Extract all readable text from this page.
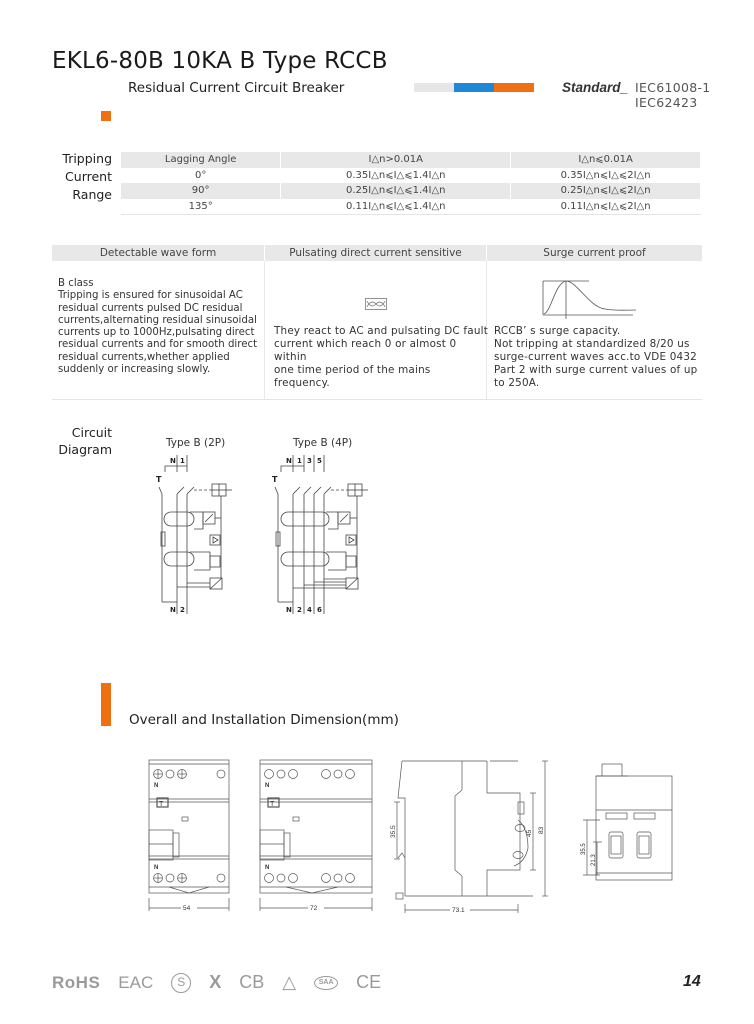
EKL6-80B 10KA B Type RCCB
Residual Current Circuit Breaker	Standard_ IEC61008-1
IEC62423
Tripping
Current
Range
Lagging Angle	I△n>0.01A	I△n⩽0.01A
0°	0.35I△n⩽I△⩽1.4I△n	0.35I△n⩽I△⩽2I△n
90°	0.25I△n⩽I△⩽1.4I△n	0.25I△n⩽I△⩽2I△n
135°	0.11I△n⩽I△⩽1.4I△n	0.11I△n⩽I△⩽2I△n
Detectable wave form	Pulsating direct current sensitive	Surge current proof
B class
Tripping is ensured for sinusoidal AC
residual currents pulsed DC residual
currents,alternating residual sinusoidal
currents up to 1000Hz,pulsating direct
residual currents and for smooth direct
residual currents,whether applied
suddenly or increasing slowly.
They react to AC and pulsating DC fault
current which reach 0 or almost 0 within
one time period of the mains frequency.
RCCB’ s surge capacity.
Not tripping at standardized 8/20 us
surge-current waves acc.to VDE 0432
Part 2 with surge current values of up
to 250A.
Circuit
Diagram	Type B (2P)
N 1
T
N 2
Type B (4P)
N 1 3 5
T
N 2 4 6
Overall and Installation Dimension(mm)
T
N
N
54
T
N
N
72	73.1
35.5	45 83
35.5
21.3
RoHS EAC	S	X CB △	SAA CE	14
